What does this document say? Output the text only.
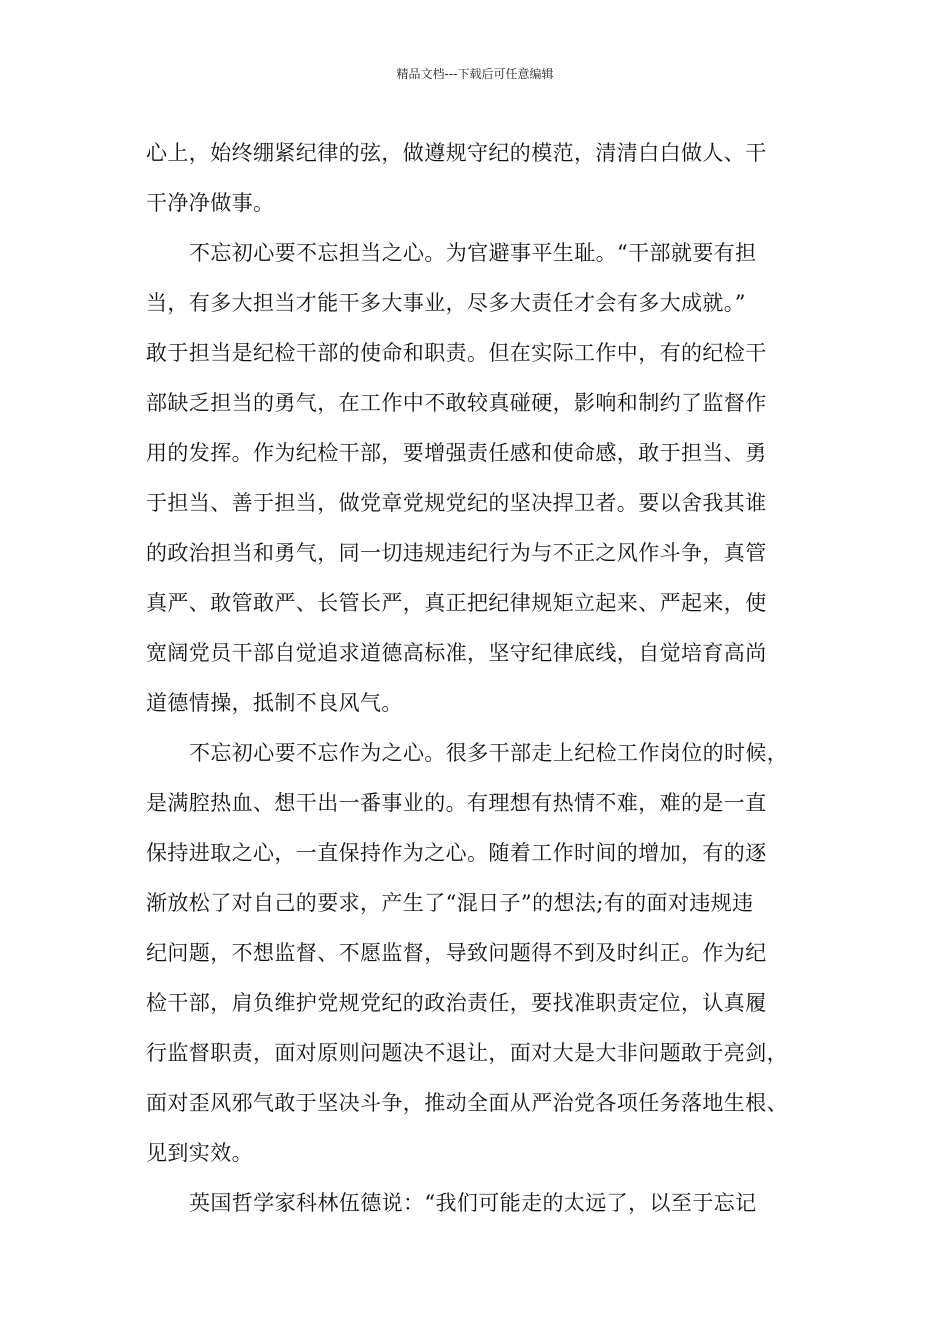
精品文档---下载后可任意编辑
心上，始终绷紧纪律的弦，做遵规守纪的模范，清清白白做人、干
干净净做事。
不忘初心要不忘担当之心。为官避事平生耻。“干部就要有担
当，有多大担当才能干多大事业，尽多大责任才会有多大成就。”
敢于担当是纪检干部的使命和职责。但在实际工作中，有的纪检干
部缺乏担当的勇气，在工作中不敢较真碰硬，影响和制约了监督作
用的发挥。作为纪检干部，要增强责任感和使命感，敢于担当、勇
于担当、善于担当，做党章党规党纪的坚决捍卫者。要以舍我其谁
的政治担当和勇气，同一切违规违纪行为与不正之风作斗争，真管
真严、敢管敢严、长管长严，真正把纪律规矩立起来、严起来，使
宽阔党员干部自觉追求道德高标准，坚守纪律底线，自觉培育高尚
道德情操，抵制不良风气。
不忘初心要不忘作为之心。很多干部走上纪检工作岗位的时候，
是满腔热血、想干出一番事业的。有理想有热情不难，难的是一直
保持进取之心，一直保持作为之心。随着工作时间的增加，有的逐
渐放松了对自己的要求，产生了“混日子”的想法;有的面对违规违
纪问题，不想监督、不愿监督，导致问题得不到及时纠正。作为纪
检干部，肩负维护党规党纪的政治责任，要找准职责定位，认真履
行监督职责，面对原则问题决不退让，面对大是大非问题敢于亮剑，
面对歪风邪气敢于坚决斗争，推动全面从严治党各项任务落地生根、
见到实效。
英国哲学家科林伍德说：“我们可能走的太远了，以至于忘记
